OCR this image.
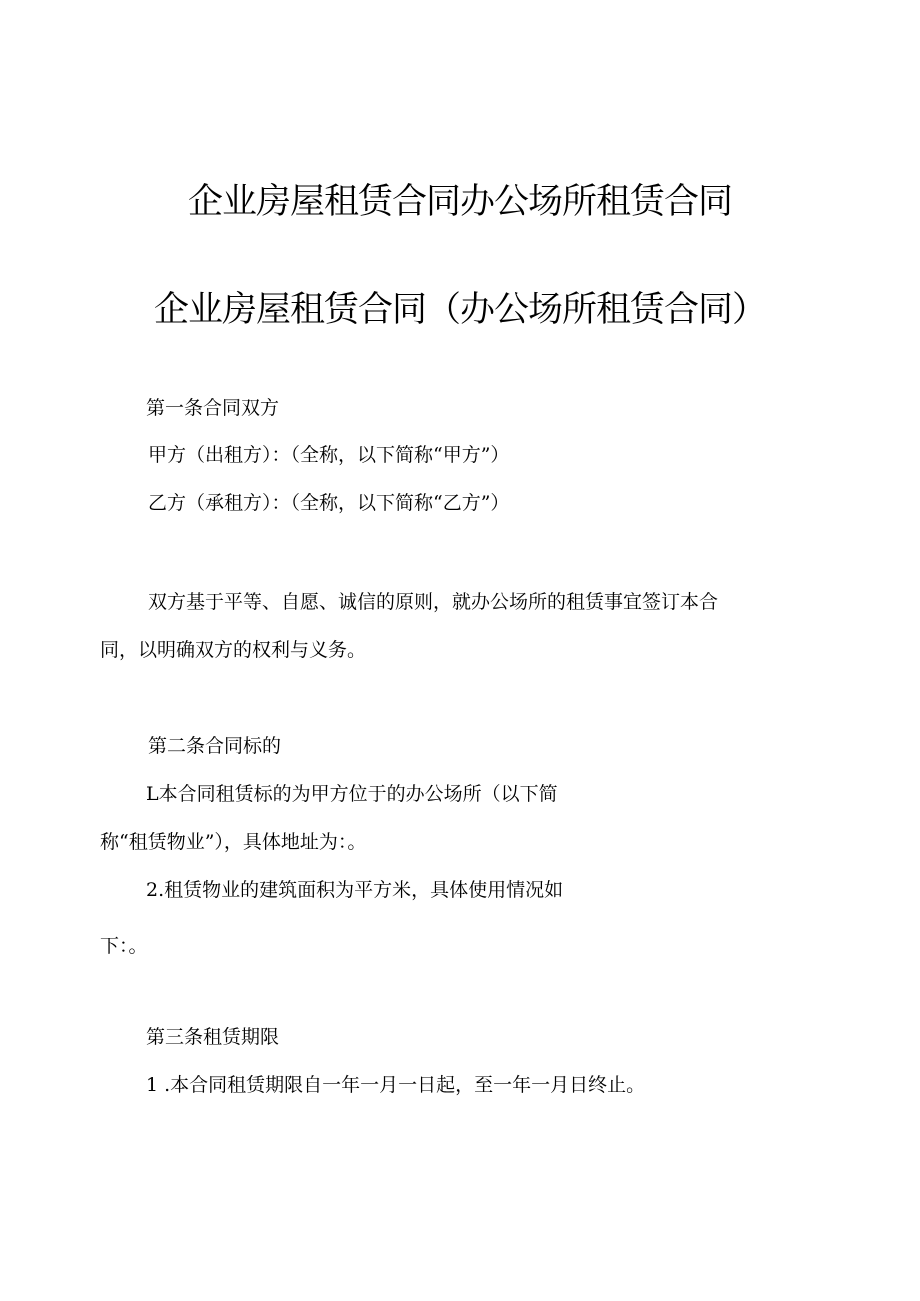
企业房屋租赁合同办公场所租赁合同
企业房屋租赁合同（办公场所租赁合同）
第一条合同双方
甲方（出租方）：（全称，以下简称“甲方”）
乙方（承租方）：（全称，以下简称“乙方”）
双方基于平等、自愿、诚信的原则，就办公场所的租赁事宜签订本合
同，以明确双方的权利与义务。
第二条合同标的
L本合同租赁标的为甲方位于的办公场所（以下简
称“租赁物业”），具体地址为：。
2.租赁物业的建筑面积为平方米，具体使用情况如
下：。
第三条租赁期限
1 .本合同租赁期限自一年一月一日起，至一年一月日终止。
